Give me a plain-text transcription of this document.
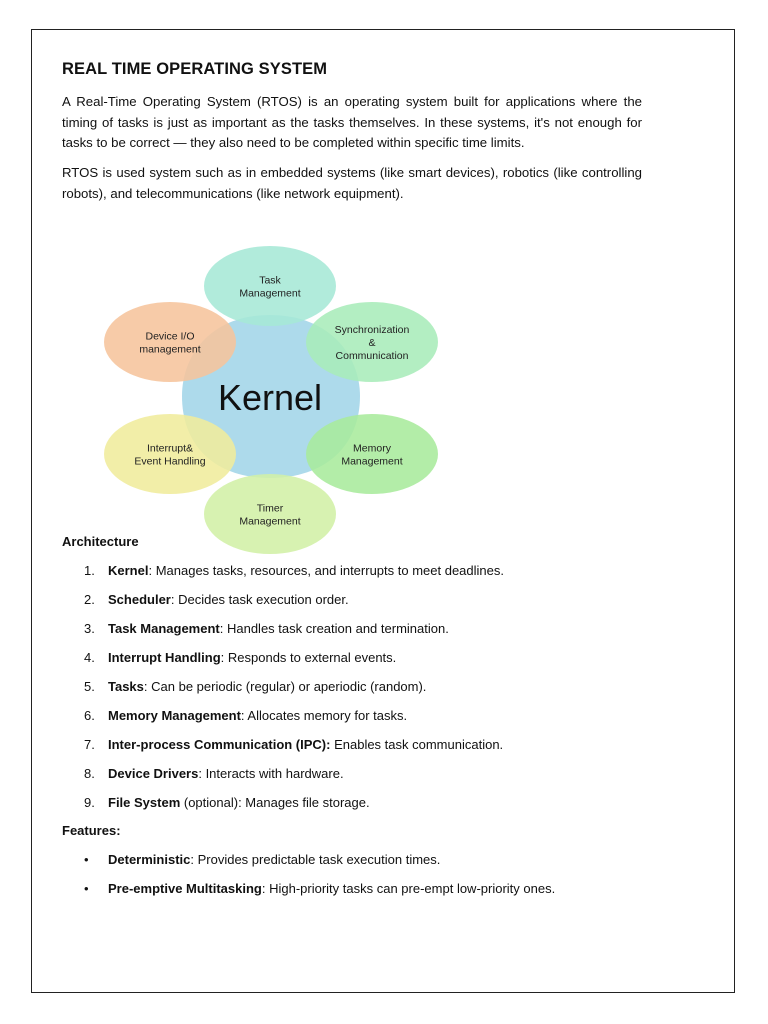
REAL TIME OPERATING SYSTEM

A Real-Time Operating System (RTOS) is an operating system built for applications where the timing of tasks is just as important as the tasks themselves. In these systems, it's not enough for tasks to be correct — they also need to be completed within specific time limits.

RTOS is used system such as in embedded systems (like smart devices), robotics (like controlling robots), and telecommunications (like network equipment).

Task
Management
Synchronization
&
Communication
Memory
Management
Timer
Management
Interrupt&
Event Handling
Device I/O
management
Kernel

Architecture

1. Kernel: Manages tasks, resources, and interrupts to meet deadlines.
2. Scheduler: Decides task execution order.
3. Task Management: Handles task creation and termination.
4. Interrupt Handling: Responds to external events.
5. Tasks: Can be periodic (regular) or aperiodic (random).
6. Memory Management: Allocates memory for tasks.
7. Inter-process Communication (IPC): Enables task communication.
8. Device Drivers: Interacts with hardware.
9. File System (optional): Manages file storage.

Features:

• Deterministic: Provides predictable task execution times.
• Pre-emptive Multitasking: High-priority tasks can pre-empt low-priority ones.
